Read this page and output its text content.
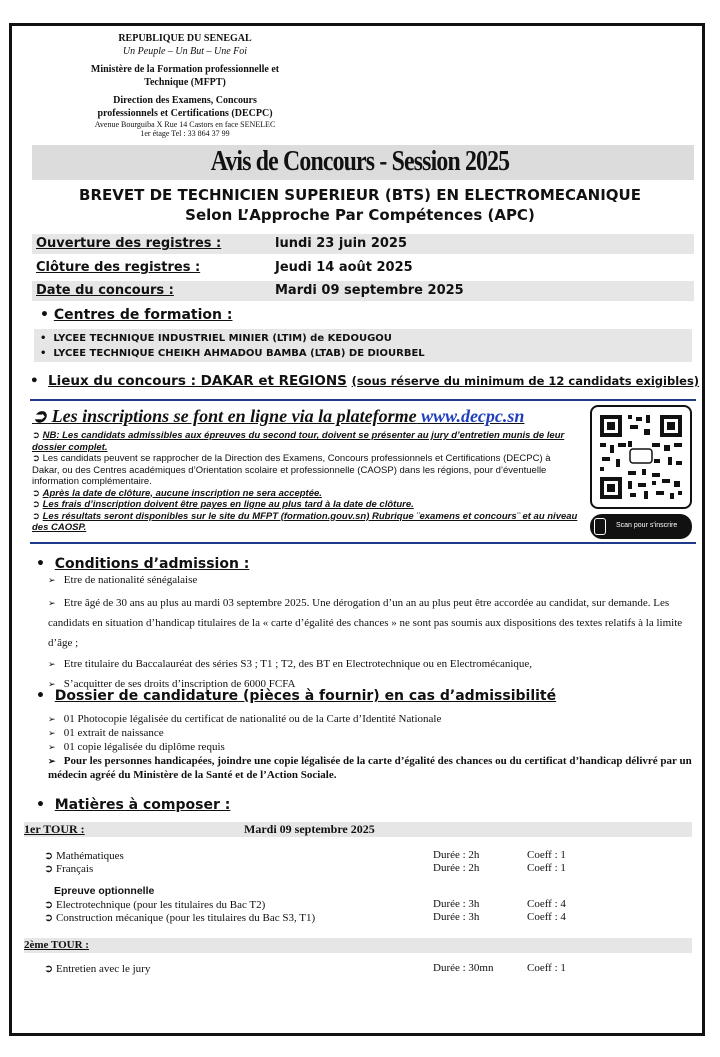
REPUBLIQUE DU SENEGAL
Un Peuple – Un But – Une Foi
Ministère de la Formation professionnelle et
Technique (MFPT)
Direction des Examens, Concours
professionnels et Certifications (DECPC)
Avenue Bourguiba X Rue 14 Castors en face SENELEC
1er étage Tel : 33 864 37 99
Avis de Concours - Session 2025
BREVET DE TECHNICIEN SUPERIEUR (BTS) EN ELECTROMECANIQUE
Selon L’Approche Par Compétences (APC)
Ouverture des registres :	lundi 23 juin 2025
Clôture des registres :	Jeudi 14 août 2025
Date du concours :	Mardi 09 septembre 2025
• Centres de formation :
•  LYCEE TECHNIQUE INDUSTRIEL MINIER (LTIM) de KEDOUGOU
•  LYCEE TECHNIQUE CHEIKH AHMADOU BAMBA (LTAB) DE DIOURBEL
•  Lieux du concours : DAKAR et REGIONS (sous réserve du minimum de 12 candidats exigibles)
➲ Les inscriptions se font en ligne via la plateforme www.decpc.sn
➲ NB: Les candidats admissibles aux épreuves du second tour, doivent se présenter au jury d’entretien munis de leur dossier complet.
➲ Les candidats peuvent se rapprocher de la Direction des Examens, Concours professionnels et Certifications (DECPC) à Dakar, ou des Centres académiques d’Orientation scolaire et professionnelle (CAOSP) dans les régions, pour d’éventuelle information complémentaire.
➲ Après la date de clôture, aucune inscription ne sera acceptée.
➲ Les frais d’inscription doivent être payes en ligne au plus tard à la date de clôture.
➲ Les résultats seront disponibles sur le site du MFPT (formation.gouv.sn) Rubrique ¨examens et concours¨ et au niveau des CAOSP.	Scan pour s'inscrire
•  Conditions d’admission :
➢ Etre de nationalité sénégalaise
➢ Etre âgé de 30 ans au plus au mardi 03 septembre 2025. Une dérogation d’un an au plus peut être accordée au candidat, sur demande. Les candidats en situation d’handicap titulaires de la « carte d’égalité des chances » ne sont pas soumis aux dispositions des textes relatifs à la limite d’âge ;
➢ Etre titulaire du Baccalauréat des séries S3 ; T1 ; T2, des BT en Electrotechnique ou en Electromécanique,
➢ S’acquitter de ses droits d’inscription de 6000 FCFA
•  Dossier de candidature (pièces à fournir) en cas d’admissibilité
➢ 01 Photocopie légalisée du certificat de nationalité ou de la Carte d’Identité Nationale
➢ 01 extrait de naissance
➢ 01 copie légalisée du diplôme requis
➢ Pour les personnes handicapées, joindre une copie légalisée de la carte d’égalité des chances ou du certificat d’handicap délivré par un médecin agréé du Ministère de la Santé et de l’Action Sociale.
•  Matières à composer :
1er TOUR :	Mardi 09 septembre 2025
➲ Mathématiques	Durée : 2h	Coeff : 1
➲ Français	Durée : 2h	Coeff : 1
Epreuve optionnelle
➲ Electrotechnique (pour les titulaires du Bac T2)	Durée : 3h	Coeff : 4
➲ Construction mécanique (pour les titulaires du Bac S3, T1)	Durée : 3h	Coeff : 4
2ème TOUR :
➲ Entretien avec le jury	Durée : 30mn	Coeff : 1
